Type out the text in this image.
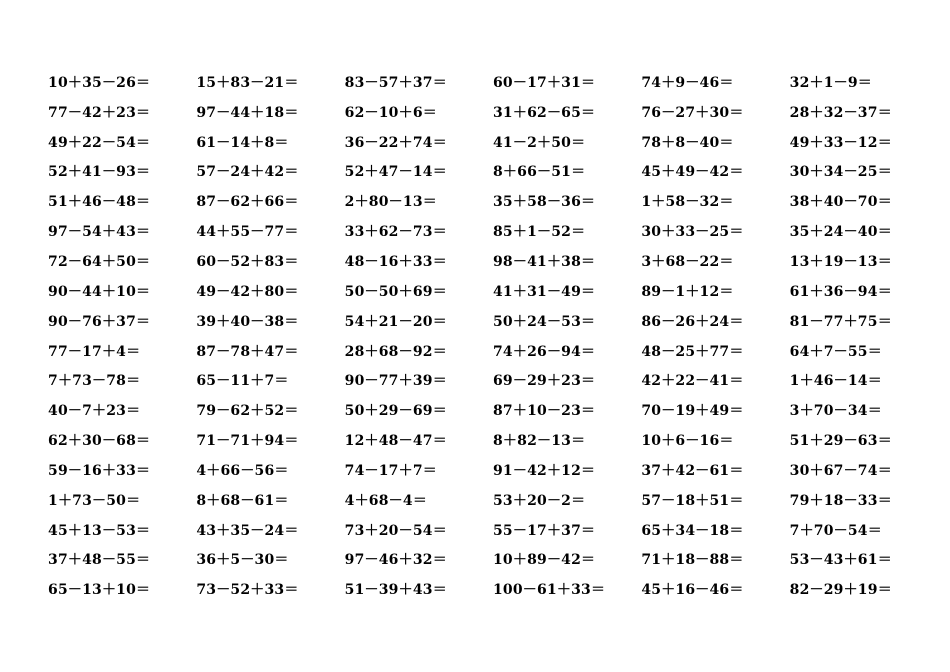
10＋35－26＝	15＋83－21＝	83－57＋37＝	60－17＋31＝	74＋9－46＝	32＋1－9＝
77－42＋23＝	97－44＋18＝	62－10＋6＝	31＋62－65＝	76－27＋30＝	28＋32－37＝
49＋22－54＝	61－14＋8＝	36－22＋74＝	41－2＋50＝	78＋8－40＝	49＋33－12＝
52＋41－93＝	57－24＋42＝	52＋47－14＝	8＋66－51＝	45＋49－42＝	30＋34－25＝
51＋46－48＝	87－62＋66＝	2＋80－13＝	35＋58－36＝	1＋58－32＝	38＋40－70＝
97－54＋43＝	44＋55－77＝	33＋62－73＝	85＋1－52＝	30＋33－25＝	35＋24－40＝
72－64＋50＝	60－52＋83＝	48－16＋33＝	98－41＋38＝	3＋68－22＝	13＋19－13＝
90－44＋10＝	49－42＋80＝	50－50＋69＝	41＋31－49＝	89－1＋12＝	61＋36－94＝
90－76＋37＝	39＋40－38＝	54＋21－20＝	50＋24－53＝	86－26＋24＝	81－77＋75＝
77－17＋4＝	87－78＋47＝	28＋68－92＝	74＋26－94＝	48－25＋77＝	64＋7－55＝
7＋73－78＝	65－11＋7＝	90－77＋39＝	69－29＋23＝	42＋22－41＝	1＋46－14＝
40－7＋23＝	79－62＋52＝	50＋29－69＝	87＋10－23＝	70－19＋49＝	3＋70－34＝
62＋30－68＝	71－71＋94＝	12＋48－47＝	8＋82－13＝	10＋6－16＝	51＋29－63＝
59－16＋33＝	4＋66－56＝	74－17＋7＝	91－42＋12＝	37＋42－61＝	30＋67－74＝
1＋73－50＝	8＋68－61＝	4＋68－4＝	53＋20－2＝	57－18＋51＝	79＋18－33＝
45＋13－53＝	43＋35－24＝	73＋20－54＝	55－17＋37＝	65＋34－18＝	7＋70－54＝
37＋48－55＝	36＋5－30＝	97－46＋32＝	10＋89－42＝	71＋18－88＝	53－43＋61＝
65－13＋10＝	73－52＋33＝	51－39＋43＝	100－61＋33＝	45＋16－46＝	82－29＋19＝
